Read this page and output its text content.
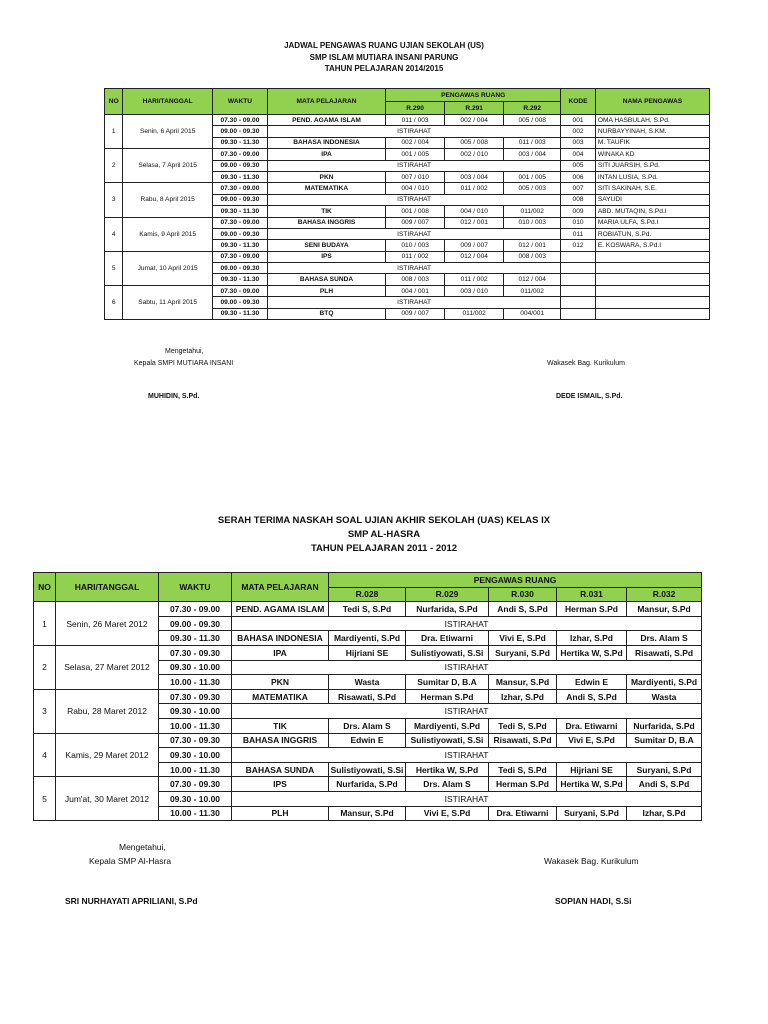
JADWAL PENGAWAS RUANG UJIAN SEKOLAH (US)
SMP ISLAM MUTIARA INSANI PARUNG
TAHUN PELAJARAN 2014/2015
NO	HARI/TANGGAL	WAKTU	MATA PELAJARAN	PENGAWAS RUANG			KODE	NAMA PENGAWAS
				R.290	R.291	R.292		
1	Senin, 6 April 2015	07.30 - 09.00	PEND. AGAMA ISLAM	011 / 003	002 / 004	005 / 008	001	OMA HASBULAH, S.Pd.
		09.00 - 09.30	ISTIRAHAT				002	NURBAYYINAH, S.KM.
		09.30 - 11.30	BAHASA INDONESIA	002 / 004	005 / 008	011 / 003	003	M. TAUFIK
2	Selasa, 7 April 2015	07.30 - 09.00	IPA	001 / 005	002 / 010	003 / 004	004	WINAKA KD
		09.00 - 09.30	ISTIRAHAT				005	SITI JUARSIH, S.Pd.
		09.30 - 11.30	PKN	007 / 010	003 / 004	001 / 005	006	INTAN LUSIA, S.Pd.
3	Rabu, 8 April 2015	07.30 - 09.00	MATEMATIKA	004 / 010	011 / 002	005 / 003	007	SITI SAKINAH, S.E.
		09.00 - 09.30	ISTIRAHAT				008	SAYUDI
		09.30 - 11.30	TIK	001 / 008	004 / 010	011/002	009	ABD. MUTAQIN, S.Pd.I
4	Kamis, 9 April 2015	07.30 - 09.00	BAHASA INGGRIS	009 / 007	012 / 001	010 / 003	010	MARIA ULFA, S.Pd.I
		09.00 - 09.30	ISTIRAHAT				011	ROBIATUN, S.Pd.
		09.30 - 11.30	SENI BUDAYA	010 / 003	009 / 007	012 / 001	012	E. KOSWARA, S.Pd.I
5	Jumat, 10 April 2015	07.30 - 09.00	IPS	011 / 002	012 / 004	008 / 003		
		09.00 - 09.30	ISTIRAHAT					
		09.30 - 11.30	BAHASA SUNDA	008 / 003	011 / 002	012 / 004		
6	Sabtu, 11 April 2015	07.30 - 09.00	PLH	004 / 001	003 / 010	011/002		
		09.00 - 09.30	ISTIRAHAT					
		09.30 - 11.30	BTQ	009 / 007	011/002	004/001		
Mengetahui,
Kepala SMPI MUTIARA INSANI	Wakasek Bag. Kurikulum
MUHIDIN, S.Pd.	DEDE ISMAIL, S.Pd.
SERAH TERIMA NASKAH SOAL UJIAN AKHIR SEKOLAH (UAS) KELAS IX
SMP AL-HASRA
TAHUN PELAJARAN 2011 - 2012
NO	HARI/TANGGAL	WAKTU	MATA PELAJARAN	PENGAWAS RUANG				
				R.028	R.029	R.030	R.031	R.032
1	Senin, 26 Maret 2012	07.30 - 09.00	PEND. AGAMA ISLAM	Tedi S, S.Pd	Nurfarida, S.Pd	Andi S, S.Pd	Herman S.Pd	Mansur, S.Pd
		09.00 - 09.30	ISTIRAHAT					
		09.30 - 11.30	BAHASA INDONESIA	Mardiyenti, S.Pd	Dra. Etiwarni	Vivi E, S.Pd	Izhar, S.Pd	Drs. Alam S
2	Selasa, 27 Maret 2012	07.30 - 09.30	IPA	Hijriani SE	Sulistiyowati, S.Si	Suryani, S.Pd	Hertika W, S.Pd	Risawati, S.Pd
		09.30 - 10.00	ISTIRAHAT					
		10.00 - 11.30	PKN	Wasta	Sumitar D, B.A	Mansur, S.Pd	Edwin E	Mardiyenti, S.Pd
3	Rabu, 28 Maret 2012	07.30 - 09.30	MATEMATIKA	Risawati, S.Pd	Herman S.Pd	Izhar, S.Pd	Andi S, S.Pd	Wasta
		09.30 - 10.00	ISTIRAHAT					
		10.00 - 11.30	TIK	Drs. Alam S	Mardiyenti, S.Pd	Tedi S, S.Pd	Dra. Etiwarni	Nurfarida, S.Pd
4	Kamis, 29 Maret 2012	07.30 - 09.30	BAHASA INGGRIS	Edwin E	Sulistiyowati, S.Si	Risawati, S.Pd	Vivi E, S.Pd	Sumitar D, B.A
		09.30 - 10.00	ISTIRAHAT					
		10.00 - 11.30	BAHASA SUNDA	Sulistiyowati, S.Si	Hertika W, S.Pd	Tedi S, S.Pd	Hijriani SE	Suryani, S.Pd
5	Jum'at, 30 Maret 2012	07.30 - 09.30	IPS	Nurfarida, S.Pd	Drs. Alam S	Herman S.Pd	Hertika W, S.Pd	Andi S, S.Pd
		09.30 - 10.00	ISTIRAHAT					
		10.00 - 11.30	PLH	Mansur, S.Pd	Vivi E, S.Pd	Dra. Etiwarni	Suryani, S.Pd	Izhar, S.Pd
Mengetahui,
Kepala SMP Al-Hasra	Wakasek Bag. Kurikulum
SRI NURHAYATI APRILIANI, S.Pd	SOPIAN HADI, S.Si
